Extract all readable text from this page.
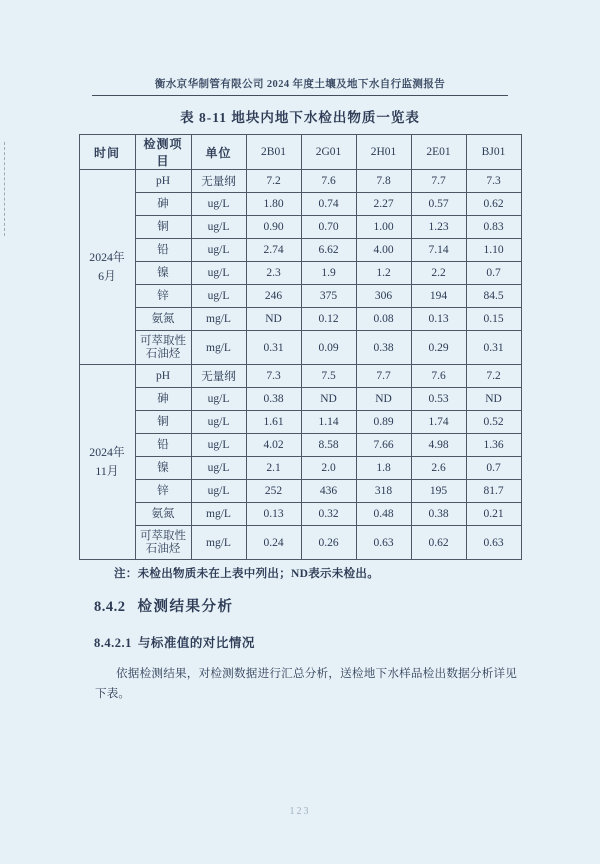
衡水京华制管有限公司 2024 年度土壤及地下水自行监测报告
表 8-11 地块内地下水检出物质一览表
时间	检测项目	单位	2B01	2G01	2H01	2E01	BJ01

2024年
6月	pH	无量纲	7.2	7.6	7.8	7.7	7.3
	砷	ug/L	1.80	0.74	2.27	0.57	0.62
	铜	ug/L	0.90	0.70	1.00	1.23	0.83
	铅	ug/L	2.74	6.62	4.00	7.14	1.10
	镍	ug/L	2.3	1.9	1.2	2.2	0.7
	锌	ug/L	246	375	306	194	84.5
	氨氮	mg/L	ND	0.12	0.08	0.13	0.15
	可萃取性石油烃	mg/L	0.31	0.09	0.38	0.29	0.31

2024年
11月	pH	无量纲	7.3	7.5	7.7	7.6	7.2
	砷	ug/L	0.38	ND	ND	0.53	ND
	铜	ug/L	1.61	1.14	0.89	1.74	0.52
	铅	ug/L	4.02	8.58	7.66	4.98	1.36
	镍	ug/L	2.1	2.0	1.8	2.6	0.7
	锌	ug/L	252	436	318	195	81.7
	氨氮	mg/L	0.13	0.32	0.48	0.38	0.21
	可萃取性石油烃	mg/L	0.24	0.26	0.63	0.62	0.63
注：未检出物质未在上表中列出；ND表示未检出。
8.4.2 检测结果分析
8.4.2.1 与标准值的对比情况

依据检测结果，对检测数据进行汇总分析，送检地下水样品检出数据分析详见下表。

123
